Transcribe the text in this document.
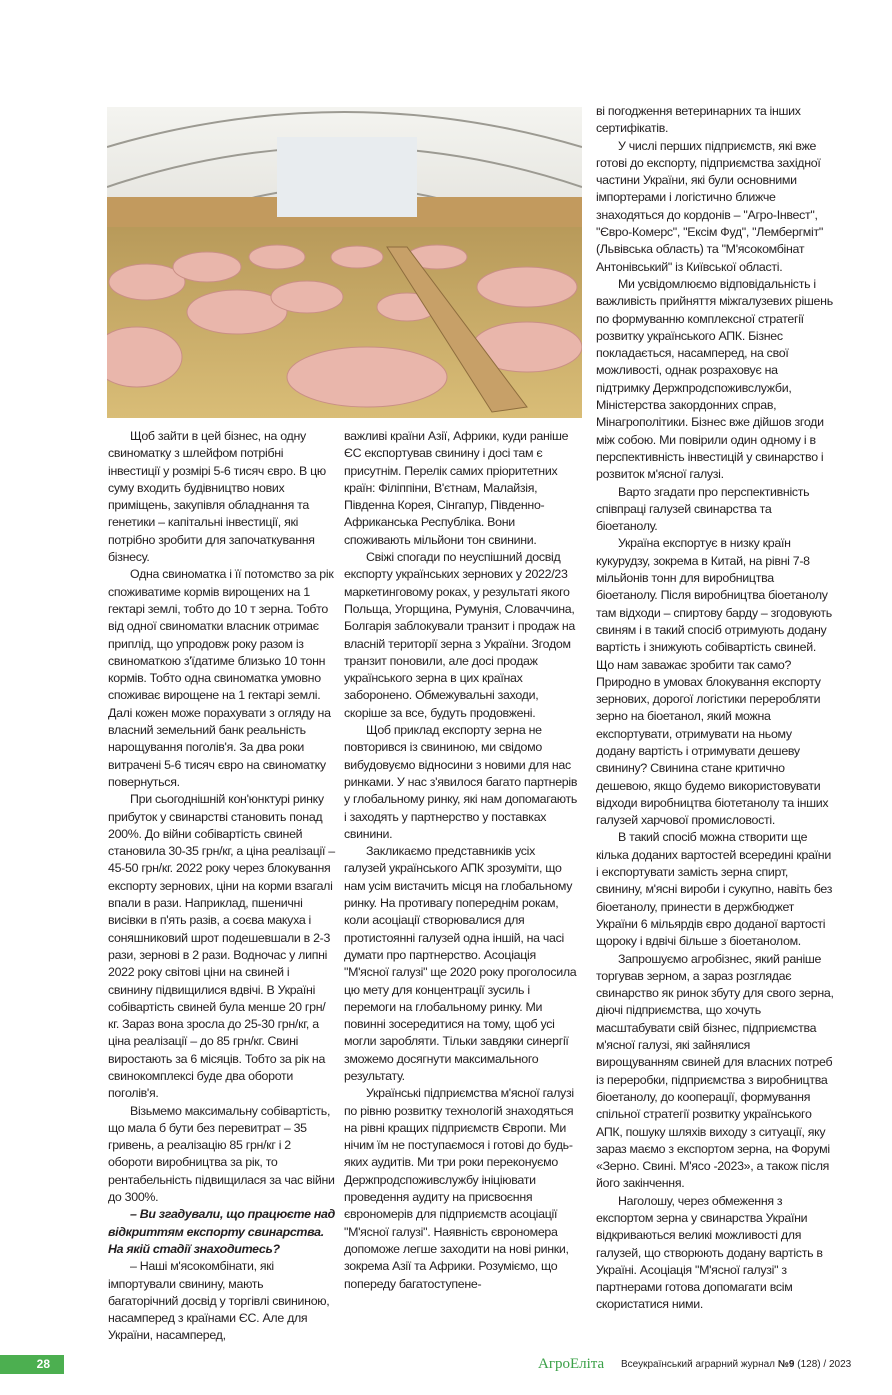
Щоб зайти в цей бізнес, на одну свиноматку з шлейфом потрібні інвестиції у розмірі 5-6 тисяч євро. В цю суму входить будівництво нових приміщень, закупівля обладнання та генетики – капітальні інвестиції, які потрібно зробити для започаткування бізнесу.

Одна свиноматка і її потомство за рік споживатиме кормів вирощених на 1 гектарі землі, тобто до 10 т зерна. Тобто від одної свиноматки власник отримає приплід, що упродовж року разом із свиноматкою з'їдатиме близько 10 тонн кормів. Тобто одна свиноматка умовно споживає вирощене на 1 гектарі землі. Далі кожен може порахувати з огляду на власний земельний банк реальність нарощування поголів'я. За два роки витрачені 5-6 тисяч євро на свиноматку повернуться.

При сьогоднішній кон'юнктурі ринку прибуток у свинарстві становить понад 200%. До війни собівартість свиней становила 30-35 грн/кг, а ціна реалізації – 45-50 грн/кг. 2022 року через блокування експорту зернових, ціни на корми взагалі впали в рази. Наприклад, пшеничні висівки в п'ять разів, а соєва макуха і соняшниковий шрот подешевшали в 2-3 рази, зернові в 2 рази. Водночас у липні 2022 року світові ціни на свиней і свинину підвищилися вдвічі. В Україні собівартість свиней була менше 20 грн/кг. Зараз вона зросла до 25-30 грн/кг, а ціна реалізації – до 85 грн/кг. Свині виростають за 6 місяців. Тобто за рік на свинокомплексі буде два обороти поголів'я.

Візьмемо максимальну собівартість, що мала б бути без перевитрат – 35 гривень, а реалізацію 85 грн/кг і 2 обороти виробництва за рік, то рентабельність підвищилася за час війни до 300%.

– Ви згадували, що працюєте над відкриттям експорту свинарства. На якій стадії знаходитесь?

– Наші м'ясокомбінати, які імпортували свинину, мають багаторічний досвід у торгівлі свининою, насамперед з країнами ЄС. Але для України, насамперед,

важливі країни Азії, Африки, куди раніше ЄС експортував свинину і досі там є присутнім. Перелік самих пріоритетних країн: Філіппіни, В'єтнам, Малайзія, Південна Корея, Сінгапур, Південно-Африканська Республіка. Вони споживають мільйони тон свинини.

Свіжі спогади по неуспішний досвід експорту українських зернових у 2022/23 маркетинговому роках, у результаті якого Польща, Угорщина, Румунія, Словаччина, Болгарія заблокували транзит і продаж на власній території зерна з України. Згодом транзит поновили, але досі продаж українського зерна в цих країнах заборонено. Обмежувальні заходи, скоріше за все, будуть продовжені.

Щоб приклад експорту зерна не повторився із свининою, ми свідомо вибудовуємо відносини з новими для нас ринками. У нас з'явилося багато партнерів у глобальному ринку, які нам допомагають і заходять у партнерство у поставках свинини.

Закликаємо представників усіх галузей українського АПК зрозуміти, що нам усім вистачить місця на глобальному ринку. На противагу попереднім рокам, коли асоціації створювалися для протистоянні галузей одна іншій, на часі думати про партнерство. Асоціація "М'ясної галузі" ще 2020 року проголосила цю мету для концентрації зусиль і перемоги на глобальному ринку. Ми повинні зосередитися на тому, щоб усі могли заробляти. Тільки завдяки синергії зможемо досягнути максимального результату.

Українські підприємства м'ясної галузі по рівню розвитку технологій знаходяться на рівні кращих підприємств Європи. Ми нічим їм не поступаємося і готові до будь-яких аудитів. Ми три роки переконуємо Держпродспоживслужбу ініціювати проведення аудиту на присвоєння єврономерів для підприємств асоціації "М'ясної галузі". Наявність єврономера допоможе легше заходити на нові ринки, зокрема Азії та Африки. Розуміємо, що попереду багатоступене-

ві погодження ветеринарних та інших сертифікатів.

У числі перших підприємств, які вже готові до експорту, підприємства західної частини України, які були основними імпортерами і логістично ближче знаходяться до кордонів – "Агро-Інвест", "Євро-Комерс", "Ексім Фуд", "Лембергміт" (Львівська область) та "М'ясокомбінат Антонівський" із Київської області.

Ми усвідомлюємо відповідальність і важливість прийняття міжгалузевих рішень по формуванню комплексної стратегії розвитку українського АПК. Бізнес покладається, насамперед, на свої можливості, однак розраховує на підтримку Держпродспоживслужби, Міністерства закордонних справ, Мінагрополітики. Бізнес вже дійшов згоди між собою. Ми повірили один одному і в перспективність інвестицій у свинарство і розвиток м'ясної галузі.

Варто згадати про перспективність співпраці галузей свинарства та біоетанолу.

Україна експортує в низку країн кукурудзу, зокрема в Китай, на рівні 7-8 мільйонів тонн для виробництва біоетанолу. Після виробництва біоетанолу там відходи – спиртову барду – згодовують свиням і в такий спосіб отримують додану вартість і знижують собівартість свиней. Що нам заважає зробити так само? Природно в умовах блокування експорту зернових, дорогої логістики переробляти зерно на біоетанол, який можна експортувати, отримувати на ньому додану вартість і отримувати дешеву свинину? Свинина стане критично дешевою, якщо будемо використовувати відходи виробництва біотетанолу та інших галузей харчової промисловості.

В такий спосіб можна створити ще кілька доданих вартостей всередині країни і експортувати замість зерна спирт, свинину, м'ясні вироби і сукупно, навіть без біоетанолу, принести в держбюджет України 6 мільярдів євро доданої вартості щороку і вдвічі більше з біоетанолом.

Запрошуємо агробізнес, який раніше торгував зерном, а зараз розглядає свинарство як ринок збуту для свого зерна, діючі підприємства, що хочуть масштабувати свій бізнес, підприємства м'ясної галузі, які зайнялися вирощуванням свиней для власних потреб із переробки, підприємства з виробництва біоетанолу, до кооперації, формування спільної стратегії розвитку українського АПК, пошуку шляхів виходу з ситуації, яку зараз маємо з експортом зерна, на Форумі «Зерно. Свині. М'ясо -2023», а також після його закінчення.

Наголошу, через обмеження з експортом зерна у свинарства України відкриваються великі можливості для галузей, що створюють додану вартість в Україні. Асоціація "М'ясної галузі" з партнерами готова допомагати всім скористатися ними.

28	АгроЕліта Всеукраїнський аграрний журнал №9 (128) / 2023
